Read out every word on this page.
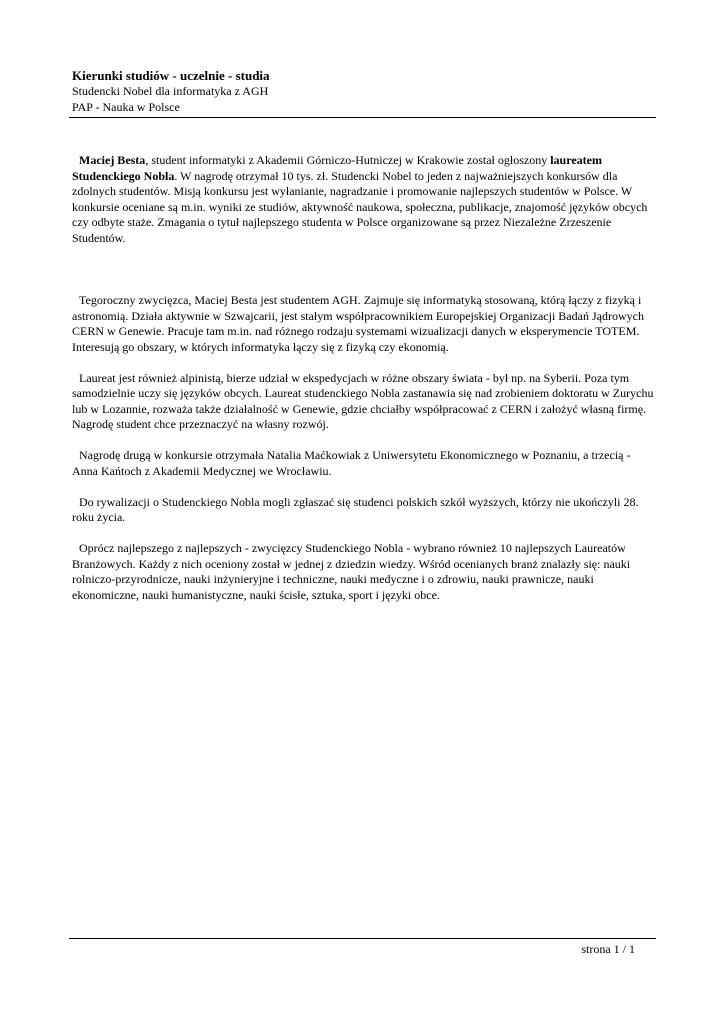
Kierunki studiów - uczelnie - studia

Studencki Nobel dla informatyka z AGH

PAP - Nauka w Polsce

Maciej Besta, student informatyki z Akademii Górniczo-Hutniczej w Krakowie został ogłoszony laureatem Studenckiego Nobla. W nagrodę otrzymał 10 tys. zł. Studencki Nobel to jeden z najważniejszych konkursów dla zdolnych studentów. Misją konkursu jest wyłanianie, nagradzanie i promowanie najlepszych studentów w Polsce. W konkursie oceniane są m.in. wyniki ze studiów, aktywność naukowa, społeczna, publikacje, znajomość języków obcych czy odbyte staże. Zmagania o tytuł najlepszego studenta w Polsce organizowane są przez Niezależne Zrzeszenie Studentów.

Tegoroczny zwycięzca, Maciej Besta jest studentem AGH. Zajmuje się informatyką stosowaną, którą łączy z fizyką i astronomią. Działa aktywnie w Szwajcarii, jest stałym współpracownikiem Europejskiej Organizacji Badań Jądrowych CERN w Genewie. Pracuje tam m.in. nad różnego rodzaju systemami wizualizacji danych w eksperymencie TOTEM. Interesują go obszary, w których informatyka łączy się z fizyką czy ekonomią.

Laureat jest również alpinistą, bierze udział w ekspedycjach w różne obszary świata - był np. na Syberii. Poza tym samodzielnie uczy się języków obcych. Laureat studenckiego Nobla zastanawia się nad zrobieniem doktoratu w Zurychu lub w Lozannie, rozważa także działalność w Genewie, gdzie chciałby współpracować z CERN i założyć własną firmę. Nagrodę student chce przeznaczyć na własny rozwój.

Nagrodę drugą w konkursie otrzymała Natalia Maćkowiak z Uniwersytetu Ekonomicznego w Poznaniu, a trzecią - Anna Kańtoch z Akademii Medycznej we Wrocławiu.

Do rywalizacji o Studenckiego Nobla mogli zgłaszać się studenci polskich szkół wyższych, którzy nie ukończyli 28. roku życia.

Oprócz najlepszego z najlepszych - zwycięzcy Studenckiego Nobla - wybrano również 10 najlepszych Laureatów Branżowych. Każdy z nich oceniony został w jednej z dziedzin wiedzy. Wśród ocenianych branż znalazły się: nauki rolniczo-przyrodnicze, nauki inżynieryjne i techniczne, nauki medyczne i o zdrowiu, nauki prawnicze, nauki ekonomiczne, nauki humanistyczne, nauki ścisłe, sztuka, sport i języki obce.

strona 1 / 1
